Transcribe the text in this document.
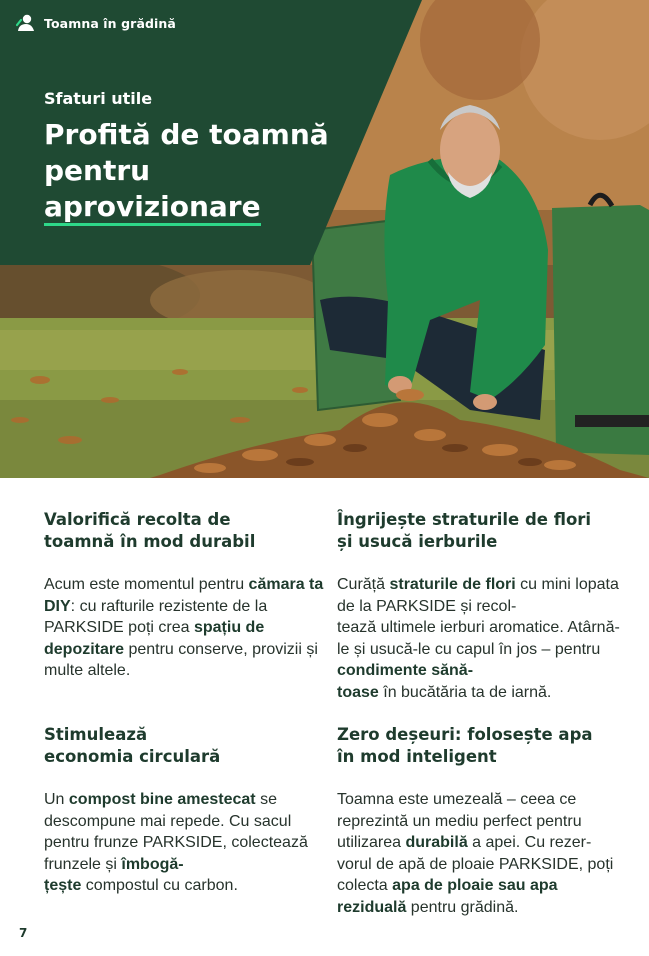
Toamna în grădină
Sfaturi utile
Profită de toamnă
pentru
aprovizionare
Valorifică recolta de
toamnă în mod durabil

Acum este momentul pentru cămara ta DIY: cu rafturile rezistente de la PARKSIDE poți crea spațiu de depozitare pentru conserve, provizii și multe altele.

Stimulează
economia circulară

Un compost bine amestecat se descompune mai repede. Cu sacul pentru frunze PARKSIDE, colectează frunzele și îmbogă-
țește compostul cu carbon.

Îngrijește straturile de flori
și usucă ierburile

Curăță straturile de flori cu mini lopata de la PARKSIDE și recol-
tează ultimele ierburi aromatice. Atârnă-le și usucă-le cu capul în jos – pentru condimente sănă-
toase în bucătăria ta de iarnă.

Zero deșeuri: folosește apa
în mod inteligent

Toamna este umezeală – ceea ce reprezintă un mediu perfect pentru utilizarea durabilă a apei. Cu rezer-
vorul de apă de ploaie PARKSIDE, poți colecta apa de ploaie sau apa reziduală pentru grădină.

7
